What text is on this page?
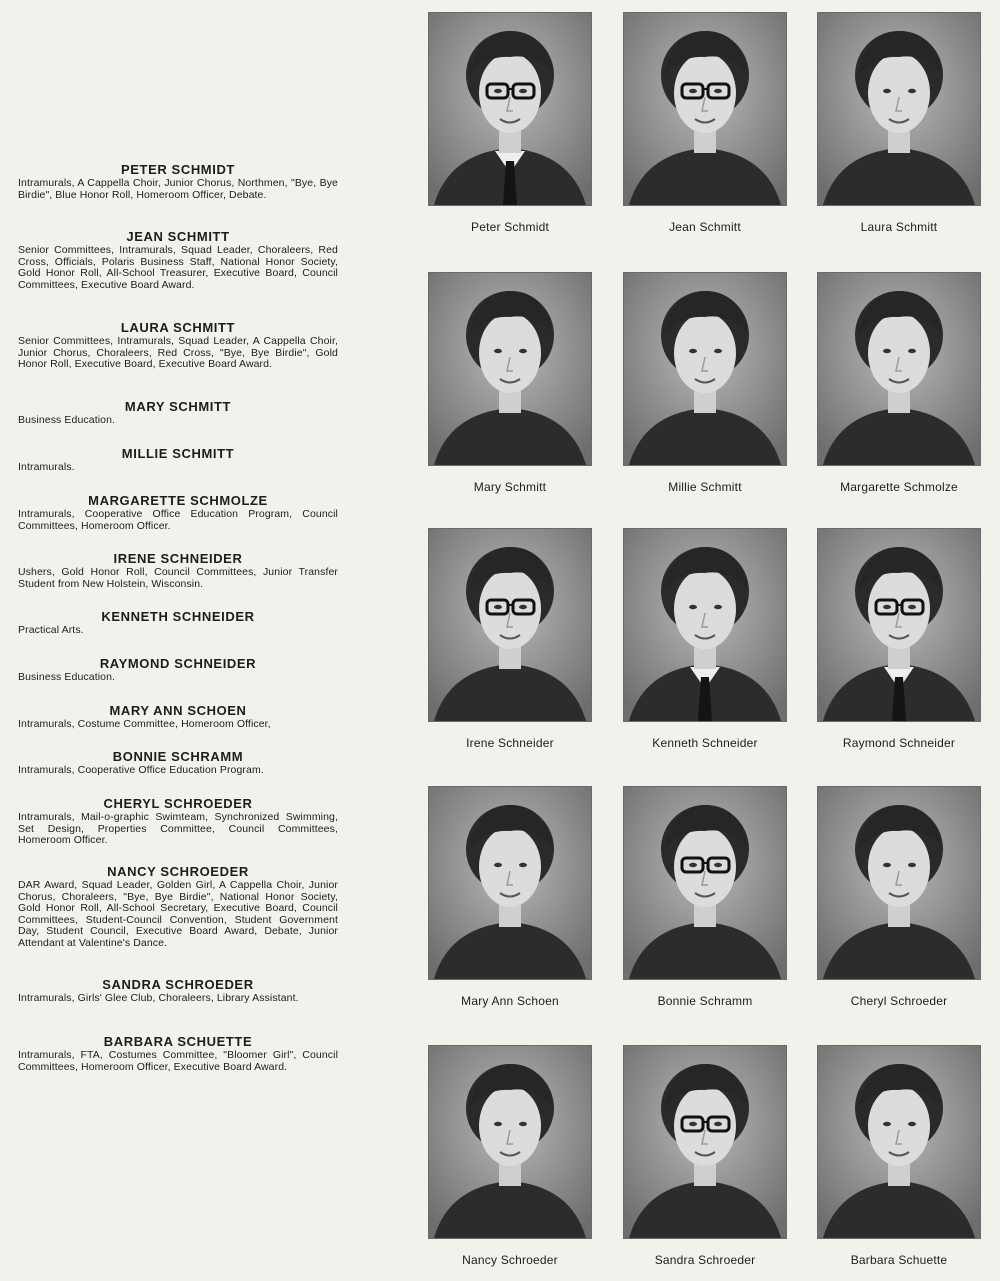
PETER SCHMIDT
Intramurals, A Cappella Choir, Junior Chorus, Northmen, "Bye, Bye Birdie", Blue Honor Roll, Homeroom Officer, Debate.
JEAN SCHMITT
Senior Committees, Intramurals, Squad Leader, Choraleers, Red Cross, Officials, Polaris Business Staff, National Honor Society, Gold Honor Roll, All-School Treasurer, Executive Board, Council Committees, Executive Board Award.
LAURA SCHMITT
Senior Committees, Intramurals, Squad Leader, A Cappella Choir, Junior Chorus, Choraleers, Red Cross, "Bye, Bye Birdie", Gold Honor Roll, Executive Board, Executive Board Award.
MARY SCHMITT
Business Education.
MILLIE SCHMITT
Intramurals.
MARGARETTE SCHMOLZE
Intramurals, Cooperative Office Education Program, Council Committees, Homeroom Officer.
IRENE SCHNEIDER
Ushers, Gold Honor Roll, Council Committees, Junior Transfer Student from New Holstein, Wisconsin.
KENNETH SCHNEIDER
Practical Arts.
RAYMOND SCHNEIDER
Business Education.
MARY ANN SCHOEN
Intramurals, Costume Committee, Homeroom Officer,
BONNIE SCHRAMM
Intramurals, Cooperative Office Education Program.
CHERYL SCHROEDER
Intramurals, Mail-o-graphic Swimteam, Synchronized Swimming, Set Design, Properties Committee, Council Committees, Homeroom Officer.
NANCY SCHROEDER
DAR Award, Squad Leader, Golden Girl, A Cappella Choir, Junior Chorus, Choraleers, "Bye, Bye Birdie", National Honor Society, Gold Honor Roll, All-School Secretary, Executive Board, Council Committees, Student-Council Convention, Student Government Day, Student Council, Executive Board Award, Debate, Junior Attendant at Valentine's Dance.
SANDRA SCHROEDER
Intramurals, Girls' Glee Club, Choraleers, Library Assistant.
BARBARA SCHUETTE
Intramurals, FTA, Costumes Committee, "Bloomer Girl", Council Committees, Homeroom Officer, Executive Board Award.
Peter Schmidt	Jean Schmitt	Laura Schmitt
Mary Schmitt	Millie Schmitt	Margarette Schmolze
Irene Schneider	Kenneth Schneider	Raymond Schneider
Mary Ann Schoen	Bonnie Schramm	Cheryl Schroeder
Nancy Schroeder	Sandra Schroeder	Barbara Schuette
